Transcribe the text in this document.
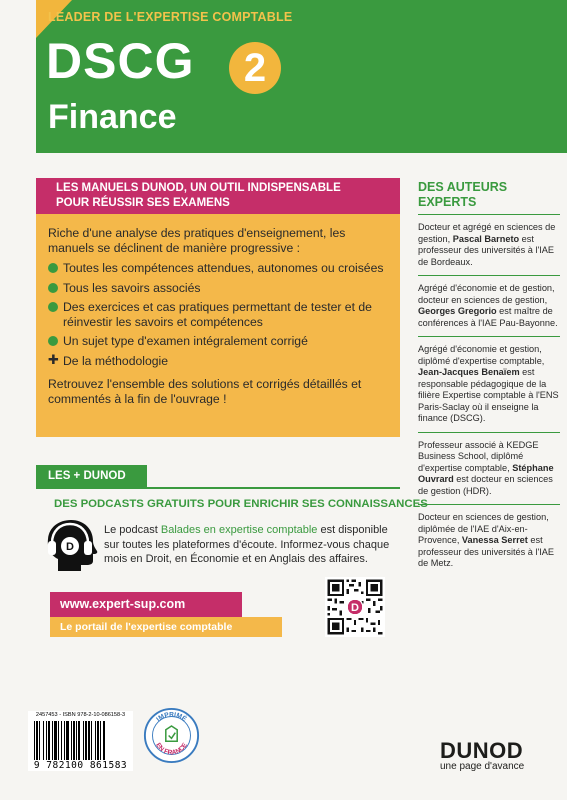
LEADER DE L'EXPERTISE COMPTABLE
DSCG	2
Finance
LES MANUELS DUNOD, UN OUTIL INDISPENSABLE
POUR RÉUSSIR SES EXAMENS

Riche d'une analyse des pratiques d'enseignement, les manuels se déclinent de manière progressive :

Toutes les compétences attendues, autonomes ou croisées
Tous les savoirs associés
Des exercices et cas pratiques permettant de tester et de réinvestir les savoirs et compétences
Un sujet type d'examen intégralement corrigé
✚ De la méthodologie

Retrouvez l'ensemble des solutions et corrigés détaillés et commentés à la fin de l'ouvrage !

DES AUTEURS
EXPERTS

Docteur et agrégé en sciences de gestion, Pascal Barneto est professeur des universités à l'IAE de Bordeaux.

Agrégé d'économie et de gestion, docteur en sciences de gestion, Georges Gregorio est maître de conférences à l'IAE Pau-Bayonne.

Agrégé d'économie et gestion, diplômé d'expertise comptable, Jean-Jacques Benaïem est responsable pédagogique de la filière Expertise comptable à l'ENS Paris-Saclay où il enseigne la finance (DSCG).

Professeur associé à KEDGE Business School, diplômé d'expertise comptable, Stéphane Ouvrard est docteur en sciences de gestion (HDR).

Docteur en sciences de gestion, diplômée de l'IAE d'Aix-en-Provence, Vanessa Serret est professeur des universités à l'IAE de Metz.

LES + DUNOD
DES PODCASTS GRATUITS POUR ENRICHIR SES CONNAISSANCES
D
Le podcast Balades en expertise comptable est disponible sur toutes les plateformes d'écoute. Informez-vous chaque mois en Droit, en Économie et en Anglais des affaires.
www.expert-sup.com
Le portail de l'expertise comptable
D
2457453 - ISBN 978-2-10-086158-3
9 782100 861583
IMPRIMÉ
EN FRANCE	DUNOD
une page d'avance
